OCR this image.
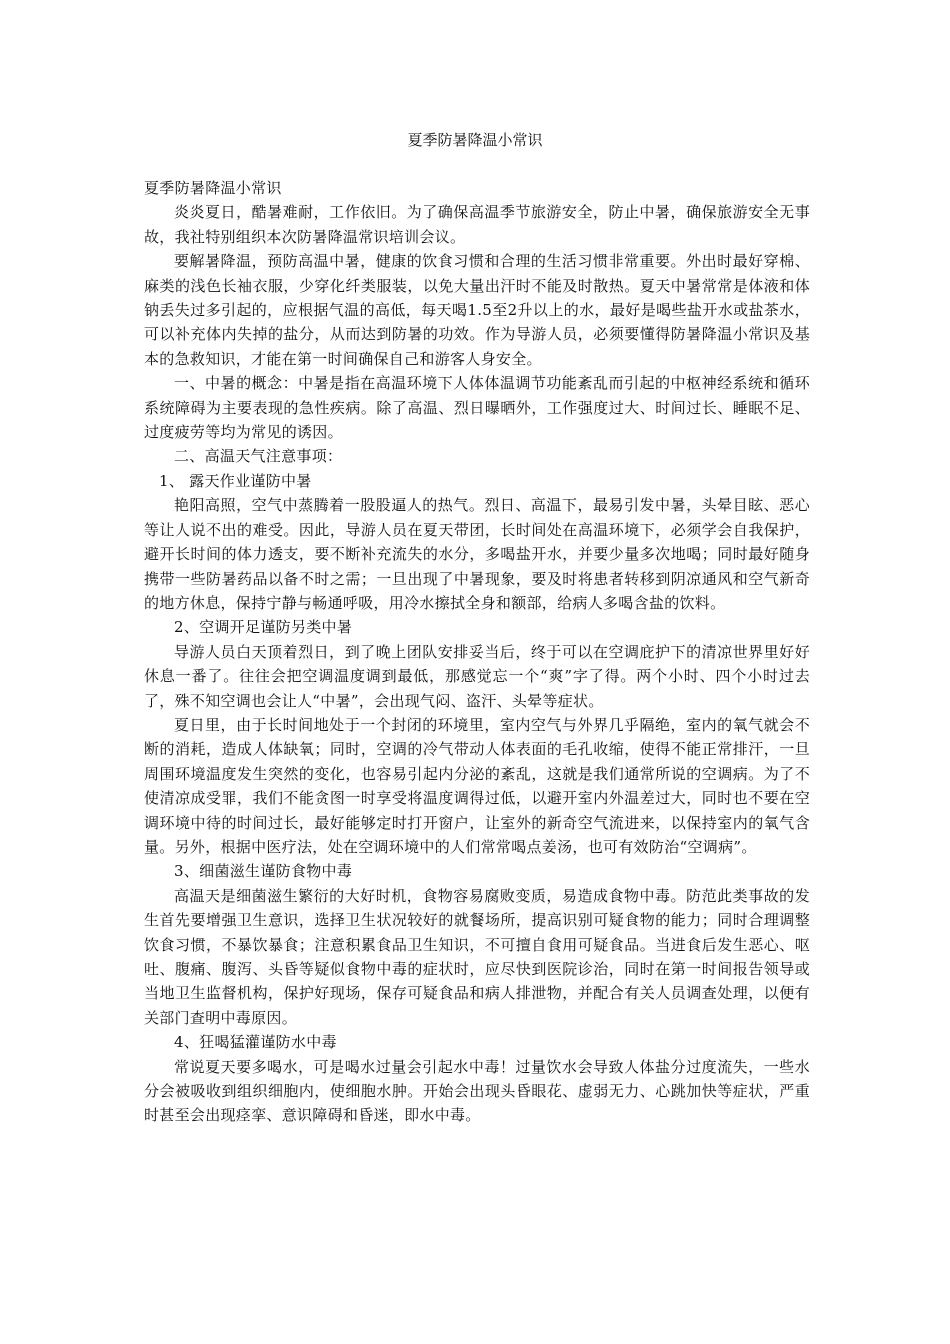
夏季防暑降温小常识

夏季防暑降温小常识

炎炎夏日，酷暑难耐，工作依旧。为了确保高温季节旅游安全，防止中暑，确保旅游安全无事故，我社特别组织本次防暑降温常识培训会议。

要解暑降温，预防高温中暑，健康的饮食习惯和合理的生活习惯非常重要。外出时最好穿棉、麻类的浅色长袖衣服，少穿化纤类服装，以免大量出汗时不能及时散热。夏天中暑常常是体液和体钠丢失过多引起的，应根据气温的高低，每天喝1.5至2升以上的水，最好是喝些盐开水或盐茶水，可以补充体内失掉的盐分，从而达到防暑的功效。作为导游人员，必须要懂得防暑降温小常识及基本的急救知识，才能在第一时间确保自己和游客人身安全。

一、中暑的概念：中暑是指在高温环境下人体体温调节功能紊乱而引起的中枢神经系统和循环系统障碍为主要表现的急性疾病。除了高温、烈日曝晒外，工作强度过大、时间过长、睡眠不足、过度疲劳等均为常见的诱因。

二、高温天气注意事项：

1、 露天作业谨防中暑

艳阳高照，空气中蒸腾着一股股逼人的热气。烈日、高温下，最易引发中暑，头晕目眩、恶心等让人说不出的难受。因此，导游人员在夏天带团，长时间处在高温环境下，必须学会自我保护，避开长时间的体力透支，要不断补充流失的水分，多喝盐开水，并要少量多次地喝；同时最好随身携带一些防暑药品以备不时之需；一旦出现了中暑现象，要及时将患者转移到阴凉通风和空气新奇的地方休息，保持宁静与畅通呼吸，用冷水擦拭全身和额部，给病人多喝含盐的饮料。

2、空调开足谨防另类中暑

导游人员白天顶着烈日，到了晚上团队安排妥当后，终于可以在空调庇护下的清凉世界里好好休息一番了。往往会把空调温度调到最低，那感觉忘一个“爽”字了得。两个小时、四个小时过去了，殊不知空调也会让人“中暑”，会出现气闷、盗汗、头晕等症状。

夏日里，由于长时间地处于一个封闭的环境里，室内空气与外界几乎隔绝，室内的氧气就会不断的消耗，造成人体缺氧；同时，空调的冷气带动人体表面的毛孔收缩，使得不能正常排汗，一旦周围环境温度发生突然的变化，也容易引起内分泌的紊乱，这就是我们通常所说的空调病。为了不使清凉成受罪，我们不能贪图一时享受将温度调得过低，以避开室内外温差过大，同时也不要在空调环境中待的时间过长，最好能够定时打开窗户，让室外的新奇空气流进来，以保持室内的氧气含量。另外，根据中医疗法，处在空调环境中的人们常常喝点姜汤，也可有效防治“空调病”。

3、细菌滋生谨防食物中毒

高温天是细菌滋生繁衍的大好时机，食物容易腐败变质，易造成食物中毒。防范此类事故的发生首先要增强卫生意识，选择卫生状况较好的就餐场所，提高识别可疑食物的能力；同时合理调整饮食习惯，不暴饮暴食；注意积累食品卫生知识，不可擅自食用可疑食品。当进食后发生恶心、呕吐、腹痛、腹泻、头昏等疑似食物中毒的症状时，应尽快到医院诊治，同时在第一时间报告领导或当地卫生监督机构，保护好现场，保存可疑食品和病人排泄物，并配合有关人员调查处理，以便有关部门查明中毒原因。

4、狂喝猛灌谨防水中毒

常说夏天要多喝水，可是喝水过量会引起水中毒！过量饮水会导致人体盐分过度流失，一些水分会被吸收到组织细胞内，使细胞水肿。开始会出现头昏眼花、虚弱无力、心跳加快等症状，严重时甚至会出现痉挛、意识障碍和昏迷，即水中毒。
